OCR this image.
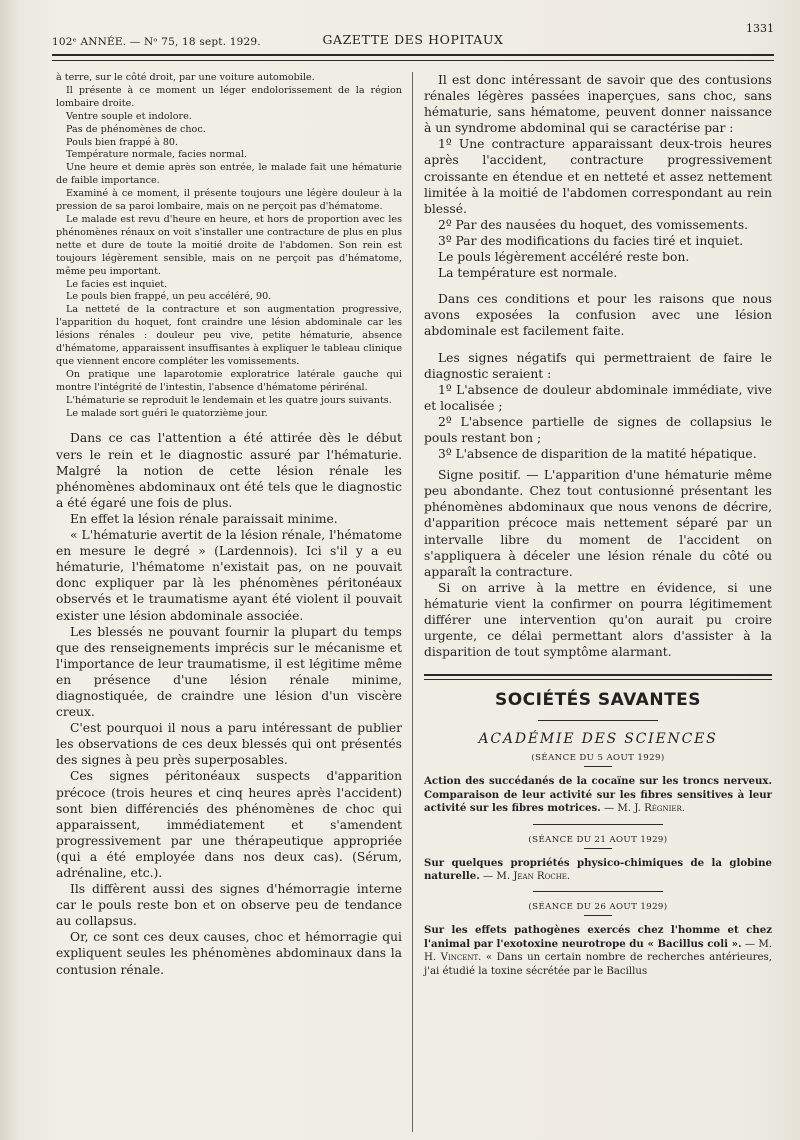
102ᵉ ANNÉE. — Nᵒ 75, 18 sept. 1929.	GAZETTE DES HOPITAUX
1331

à terre, sur le côté droit, par une voiture automobile.

Il présente à ce moment un léger endolorissement de la région lombaire droite.

Ventre souple et indolore.

Pas de phénomènes de choc.

Pouls bien frappé à 80.

Température normale, facies normal.

Une heure et demie après son entrée, le malade fait une hématurie de faible importance.

Examiné à ce moment, il présente toujours une légère douleur à la pression de sa paroi lombaire, mais on ne perçoit pas d'hématome.

Le malade est revu d'heure en heure, et hors de proportion avec les phénomènes rénaux on voit s'installer une contracture de plus en plus nette et dure de toute la moitié droite de l'abdomen. Son rein est toujours légèrement sensible, mais on ne perçoit pas d'hématome, même peu important.

Le facies est inquiet.

Le pouls bien frappé, un peu accéléré, 90.

La netteté de la contracture et son augmentation progressive, l'apparition du hoquet, font craindre une lésion abdominale car les lésions rénales : douleur peu vive, petite hématurie, absence d'hématome, apparaissent insuffisantes à expliquer le tableau clinique que viennent encore compléter les vomissements.

On pratique une laparotomie exploratrice latérale gauche qui montre l'intégrité de l'intestin, l'absence d'hématome périrénal.

L'hématurie se reproduit le lendemain et les quatre jours suivants.

Le malade sort guéri le quatorzième jour.

Dans ce cas l'attention a été attirée dès le début vers le rein et le diagnostic assuré par l'hématurie. Malgré la notion de cette lésion rénale les phénomènes abdominaux ont été tels que le diagnostic a été égaré une fois de plus.

En effet la lésion rénale paraissait minime.

« L'hématurie avertit de la lésion rénale, l'hématome en mesure le degré » (Lardennois). Ici s'il y a eu hématurie, l'hématome n'existait pas, on ne pouvait donc expliquer par là les phénomènes péritonéaux observés et le traumatisme ayant été violent il pouvait exister une lésion abdominale associée.

Les blessés ne pouvant fournir la plupart du temps que des renseignements imprécis sur le mécanisme et l'importance de leur traumatisme, il est légitime même en présence d'une lésion rénale minime, diagnostiquée, de craindre une lésion d'un viscère creux.

C'est pourquoi il nous a paru intéressant de publier les observations de ces deux blessés qui ont présentés des signes à peu près superposables.

Ces signes péritonéaux suspects d'apparition précoce (trois heures et cinq heures après l'accident) sont bien différenciés des phénomènes de choc qui apparaissent, immédiatement et s'amendent progressivement par une thérapeutique appropriée (qui a été employée dans nos deux cas). (Sérum, adrénaline, etc.).

Ils diffèrent aussi des signes d'hémorragie interne car le pouls reste bon et on observe peu de tendance au collapsus.

Or, ce sont ces deux causes, choc et hémorragie qui expliquent seules les phénomènes abdominaux dans la contusion rénale.

Il est donc intéressant de savoir que des contusions rénales légères passées inaperçues, sans choc, sans hématurie, sans hématome, peuvent donner naissance à un syndrome abdominal qui se caractérise par :

1º Une contracture apparaissant deux-trois heures après l'accident, contracture progressivement croissante en étendue et en netteté et assez nettement limitée à la moitié de l'abdomen correspondant au rein blessé.

2º Par des nausées du hoquet, des vomissements.

3º Par des modifications du facies tiré et inquiet.

Le pouls légèrement accéléré reste bon.

La température est normale.

Dans ces conditions et pour les raisons que nous avons exposées la confusion avec une lésion abdominale est facilement faite.

Les signes négatifs qui permettraient de faire le diagnostic seraient :

1º L'absence de douleur abdominale immédiate, vive et localisée ;

2º L'absence partielle de signes de collapsius le pouls restant bon ;

3º L'absence de disparition de la matité hépatique.

Signe positif. — L'apparition d'une hématurie même peu abondante. Chez tout contusionné présentant les phénomènes abdominaux que nous venons de décrire, d'apparition précoce mais nettement séparé par un intervalle libre du moment de l'accident on s'appliquera à déceler une lésion rénale du côté ou apparaît la contracture.

Si on arrive à la mettre en évidence, si une hématurie vient la confirmer on pourra légitimement différer une intervention qu'on aurait pu croire urgente, ce délai permettant alors d'assister à la disparition de tout symptôme alarmant.

SOCIÉTÉS SAVANTES
ACADÉMIE DES SCIENCES
(SÉANCE DU 5 AOUT 1929)

Action des succédanés de la cocaïne sur les troncs nerveux. Comparaison de leur activité sur les fibres sensitives à leur activité sur les fibres motrices. — M. J. Régnier.

(SÉANCE DU 21 AOUT 1929)

Sur quelques propriétés physico-chimiques de la globine naturelle. — M. Jean Roche.

(SÉANCE DU 26 AOUT 1929)

Sur les effets pathogènes exercés chez l'homme et chez l'animal par l'exotoxine neurotrope du « Bacillus coli ». — M. H. Vincent. « Dans un certain nombre de recherches antérieures, j'ai étudié la toxine sécrétée par le Bacillus
